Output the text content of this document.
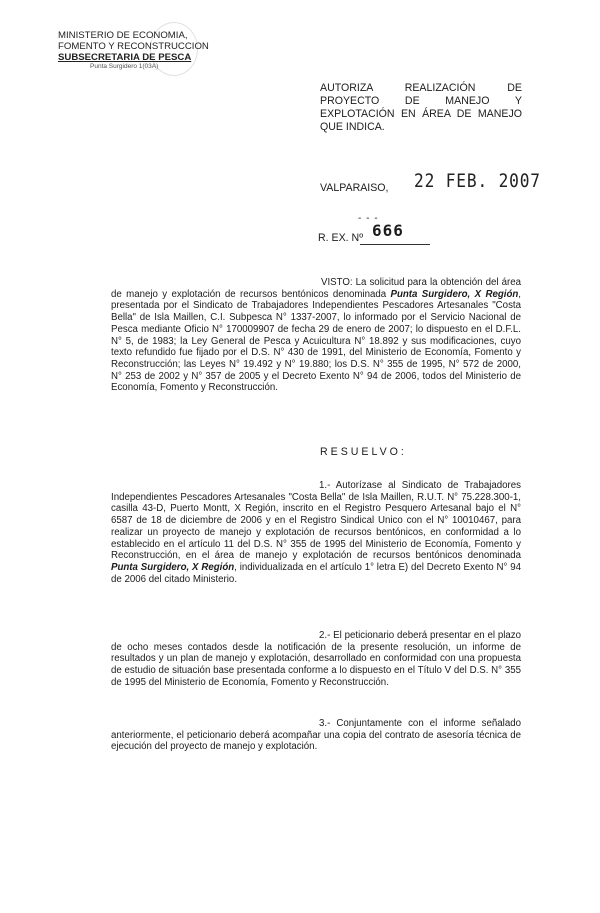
MINISTERIO DE ECONOMIA,
FOMENTO Y RECONSTRUCCION
SUBSECRETARIA DE PESCA
Punta Surgidero 1(03A)
AUTORIZA REALIZACIÓN DE PROYECTO DE MANEJO Y EXPLOTACIÓN EN ÁREA DE MANEJO QUE INDICA.
VALPARAISO, 22 FEB. 2007
- - -
R. EX. Nº 666
VISTO: La solicitud para la obtención del área de manejo y explotación de recursos bentónicos denominada Punta Surgidero, X Región, presentada por el Sindicato de Trabajadores Independientes Pescadores Artesanales "Costa Bella" de Isla Maillen, C.I. Subpesca N° 1337-2007, lo informado por el Servicio Nacional de Pesca mediante Oficio N° 170009907 de fecha 29 de enero de 2007; lo dispuesto en el D.F.L. N° 5, de 1983; la Ley General de Pesca y Acuicultura N° 18.892 y sus modificaciones, cuyo texto refundido fue fijado por el D.S. N° 430 de 1991, del Ministerio de Economía, Fomento y Reconstrucción; las Leyes N° 19.492 y N° 19.880; los D.S. N° 355 de 1995, N° 572 de 2000, N° 253 de 2002 y N° 357 de 2005 y el Decreto Exento N° 94 de 2006, todos del Ministerio de Economía, Fomento y Reconstrucción.
RESUELVO:
1.- Autorízase al Sindicato de Trabajadores Independientes Pescadores Artesanales "Costa Bella" de Isla Maillen, R.U.T. N° 75.228.300-1, casilla 43-D, Puerto Montt, X Región, inscrito en el Registro Pesquero Artesanal bajo el N° 6587 de 18 de diciembre de 2006 y en el Registro Sindical Unico con el N° 10010467, para realizar un proyecto de manejo y explotación de recursos bentónicos, en conformidad a lo establecido en el artículo 11 del D.S. N° 355 de 1995 del Ministerio de Economía, Fomento y Reconstrucción, en el área de manejo y explotación de recursos bentónicos denominada Punta Surgidero, X Región, individualizada en el artículo 1° letra E) del Decreto Exento N° 94 de 2006 del citado Ministerio.
2.- El peticionario deberá presentar en el plazo de ocho meses contados desde la notificación de la presente resolución, un informe de resultados y un plan de manejo y explotación, desarrollado en conformidad con una propuesta de estudio de situación base presentada conforme a lo dispuesto en el Título V del D.S. N° 355 de 1995 del Ministerio de Economía, Fomento y Reconstrucción.
3.- Conjuntamente con el informe señalado anteriormente, el peticionario deberá acompañar una copia del contrato de asesoría técnica de ejecución del proyecto de manejo y explotación.
